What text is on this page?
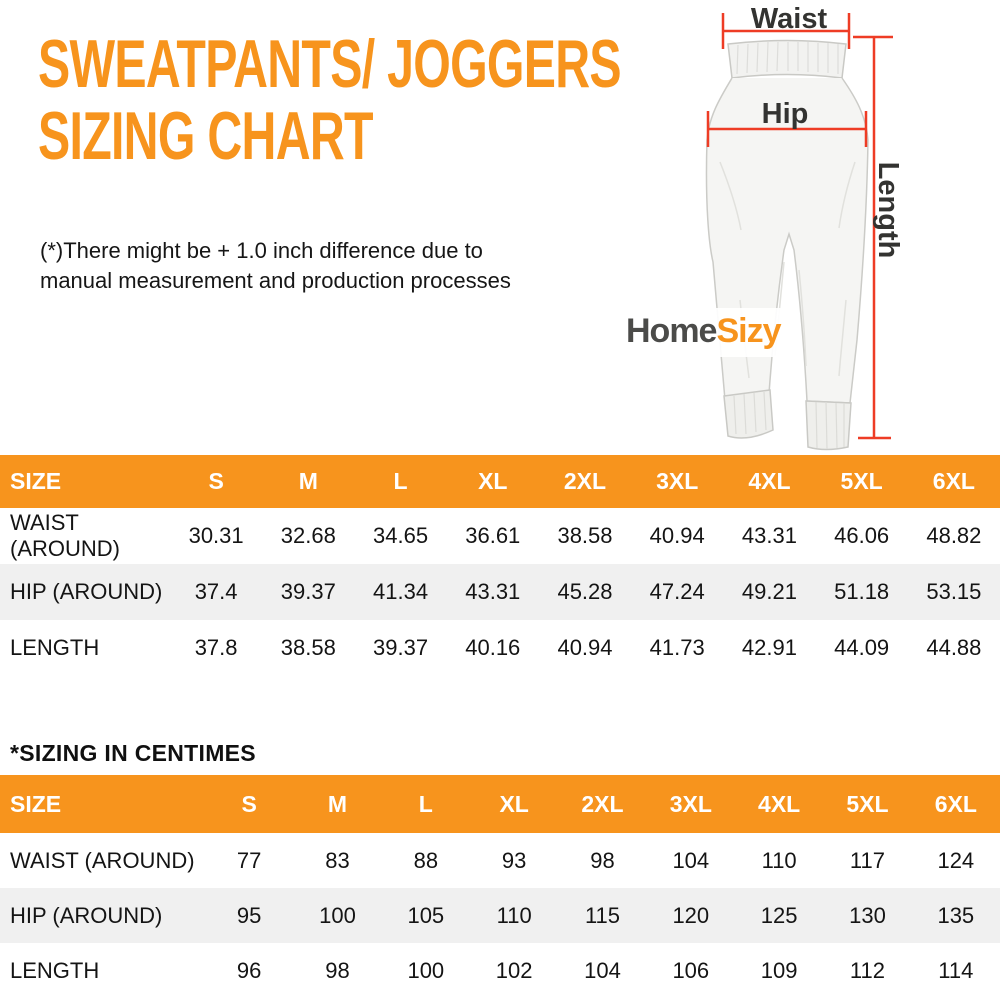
SWEATPANTS/ JOGGERS
SIZING CHART
(*)There might be + 1.0 inch difference due to
manual measurement and production processes
Waist
Hip
Length
HomeSizy
SIZE	S	M	L	XL	2XL	3XL	4XL	5XL	6XL
WAIST (AROUND)	30.31	32.68	34.65	36.61	38.58	40.94	43.31	46.06	48.82
HIP (AROUND)	37.4	39.37	41.34	43.31	45.28	47.24	49.21	51.18	53.15
LENGTH	37.8	38.58	39.37	40.16	40.94	41.73	42.91	44.09	44.88
*SIZING IN CENTIMES
SIZE	S	M	L	XL	2XL	3XL	4XL	5XL	6XL
WAIST (AROUND)	77	83	88	93	98	104	110	117	124
HIP (AROUND)	95	100	105	110	115	120	125	130	135
LENGTH	96	98	100	102	104	106	109	112	114
